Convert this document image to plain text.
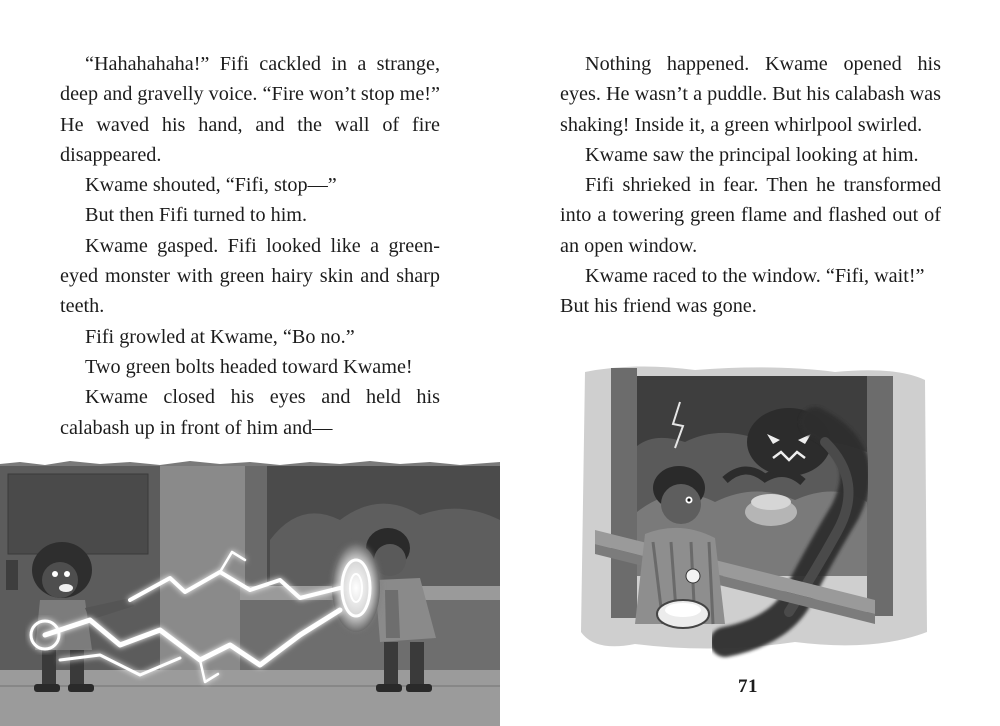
“Hahahahaha!” Fifi cackled in a strange, deep and gravelly voice. “Fire won’t stop me!” He waved his hand, and the wall of fire disappeared.

Kwame shouted, “Fifi, stop—”

But then Fifi turned to him.

Kwame gasped. Fifi looked like a green-eyed monster with green hairy skin and sharp teeth.

Fifi growled at Kwame, “Bo no.”

Two green bolts headed toward Kwame!

Kwame closed his eyes and held his calabash up in front of him and—

Nothing happened. Kwame opened his eyes. He wasn’t a puddle. But his calabash was shaking! Inside it, a green whirlpool swirled.

Kwame saw the principal looking at him.

Fifi shrieked in fear. Then he transformed into a towering green flame and flashed out of an open window.

Kwame raced to the window. “Fifi, wait!” But his friend was gone.

71
